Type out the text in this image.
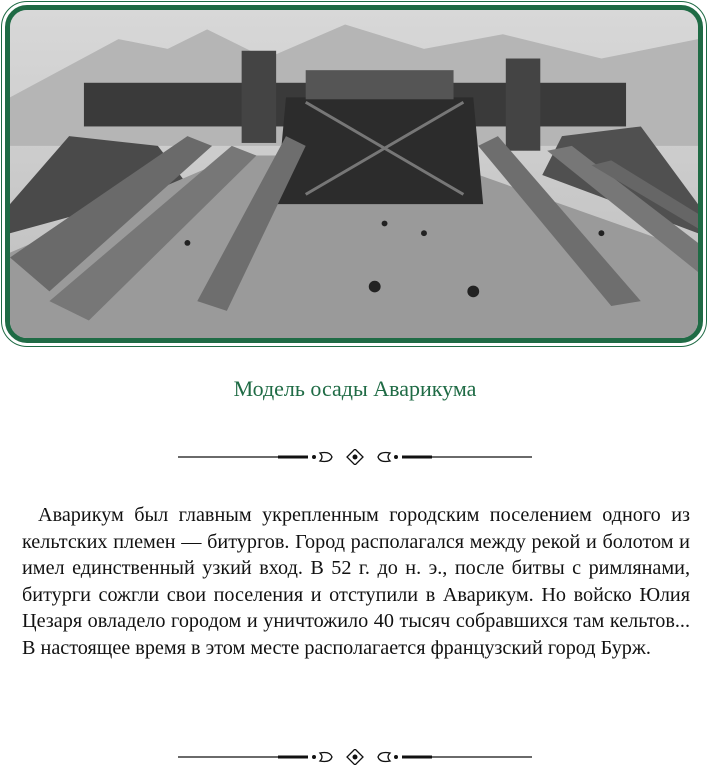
Модель осады Аварикума

Аварикум был главным укрепленным городским поселением одного из кельтских племен — битургов. Город располагался между рекой и болотом и имел единственный узкий вход. В 52 г. до н. э., после битвы с римлянами, битурги сожгли свои поселения и отступили в Аварикум. Но войско Юлия Цезаря овладело городом и уничтожило 40 тысяч собравшихся там кельтов... В настоящее время в этом месте располагается французский город Бурж.
